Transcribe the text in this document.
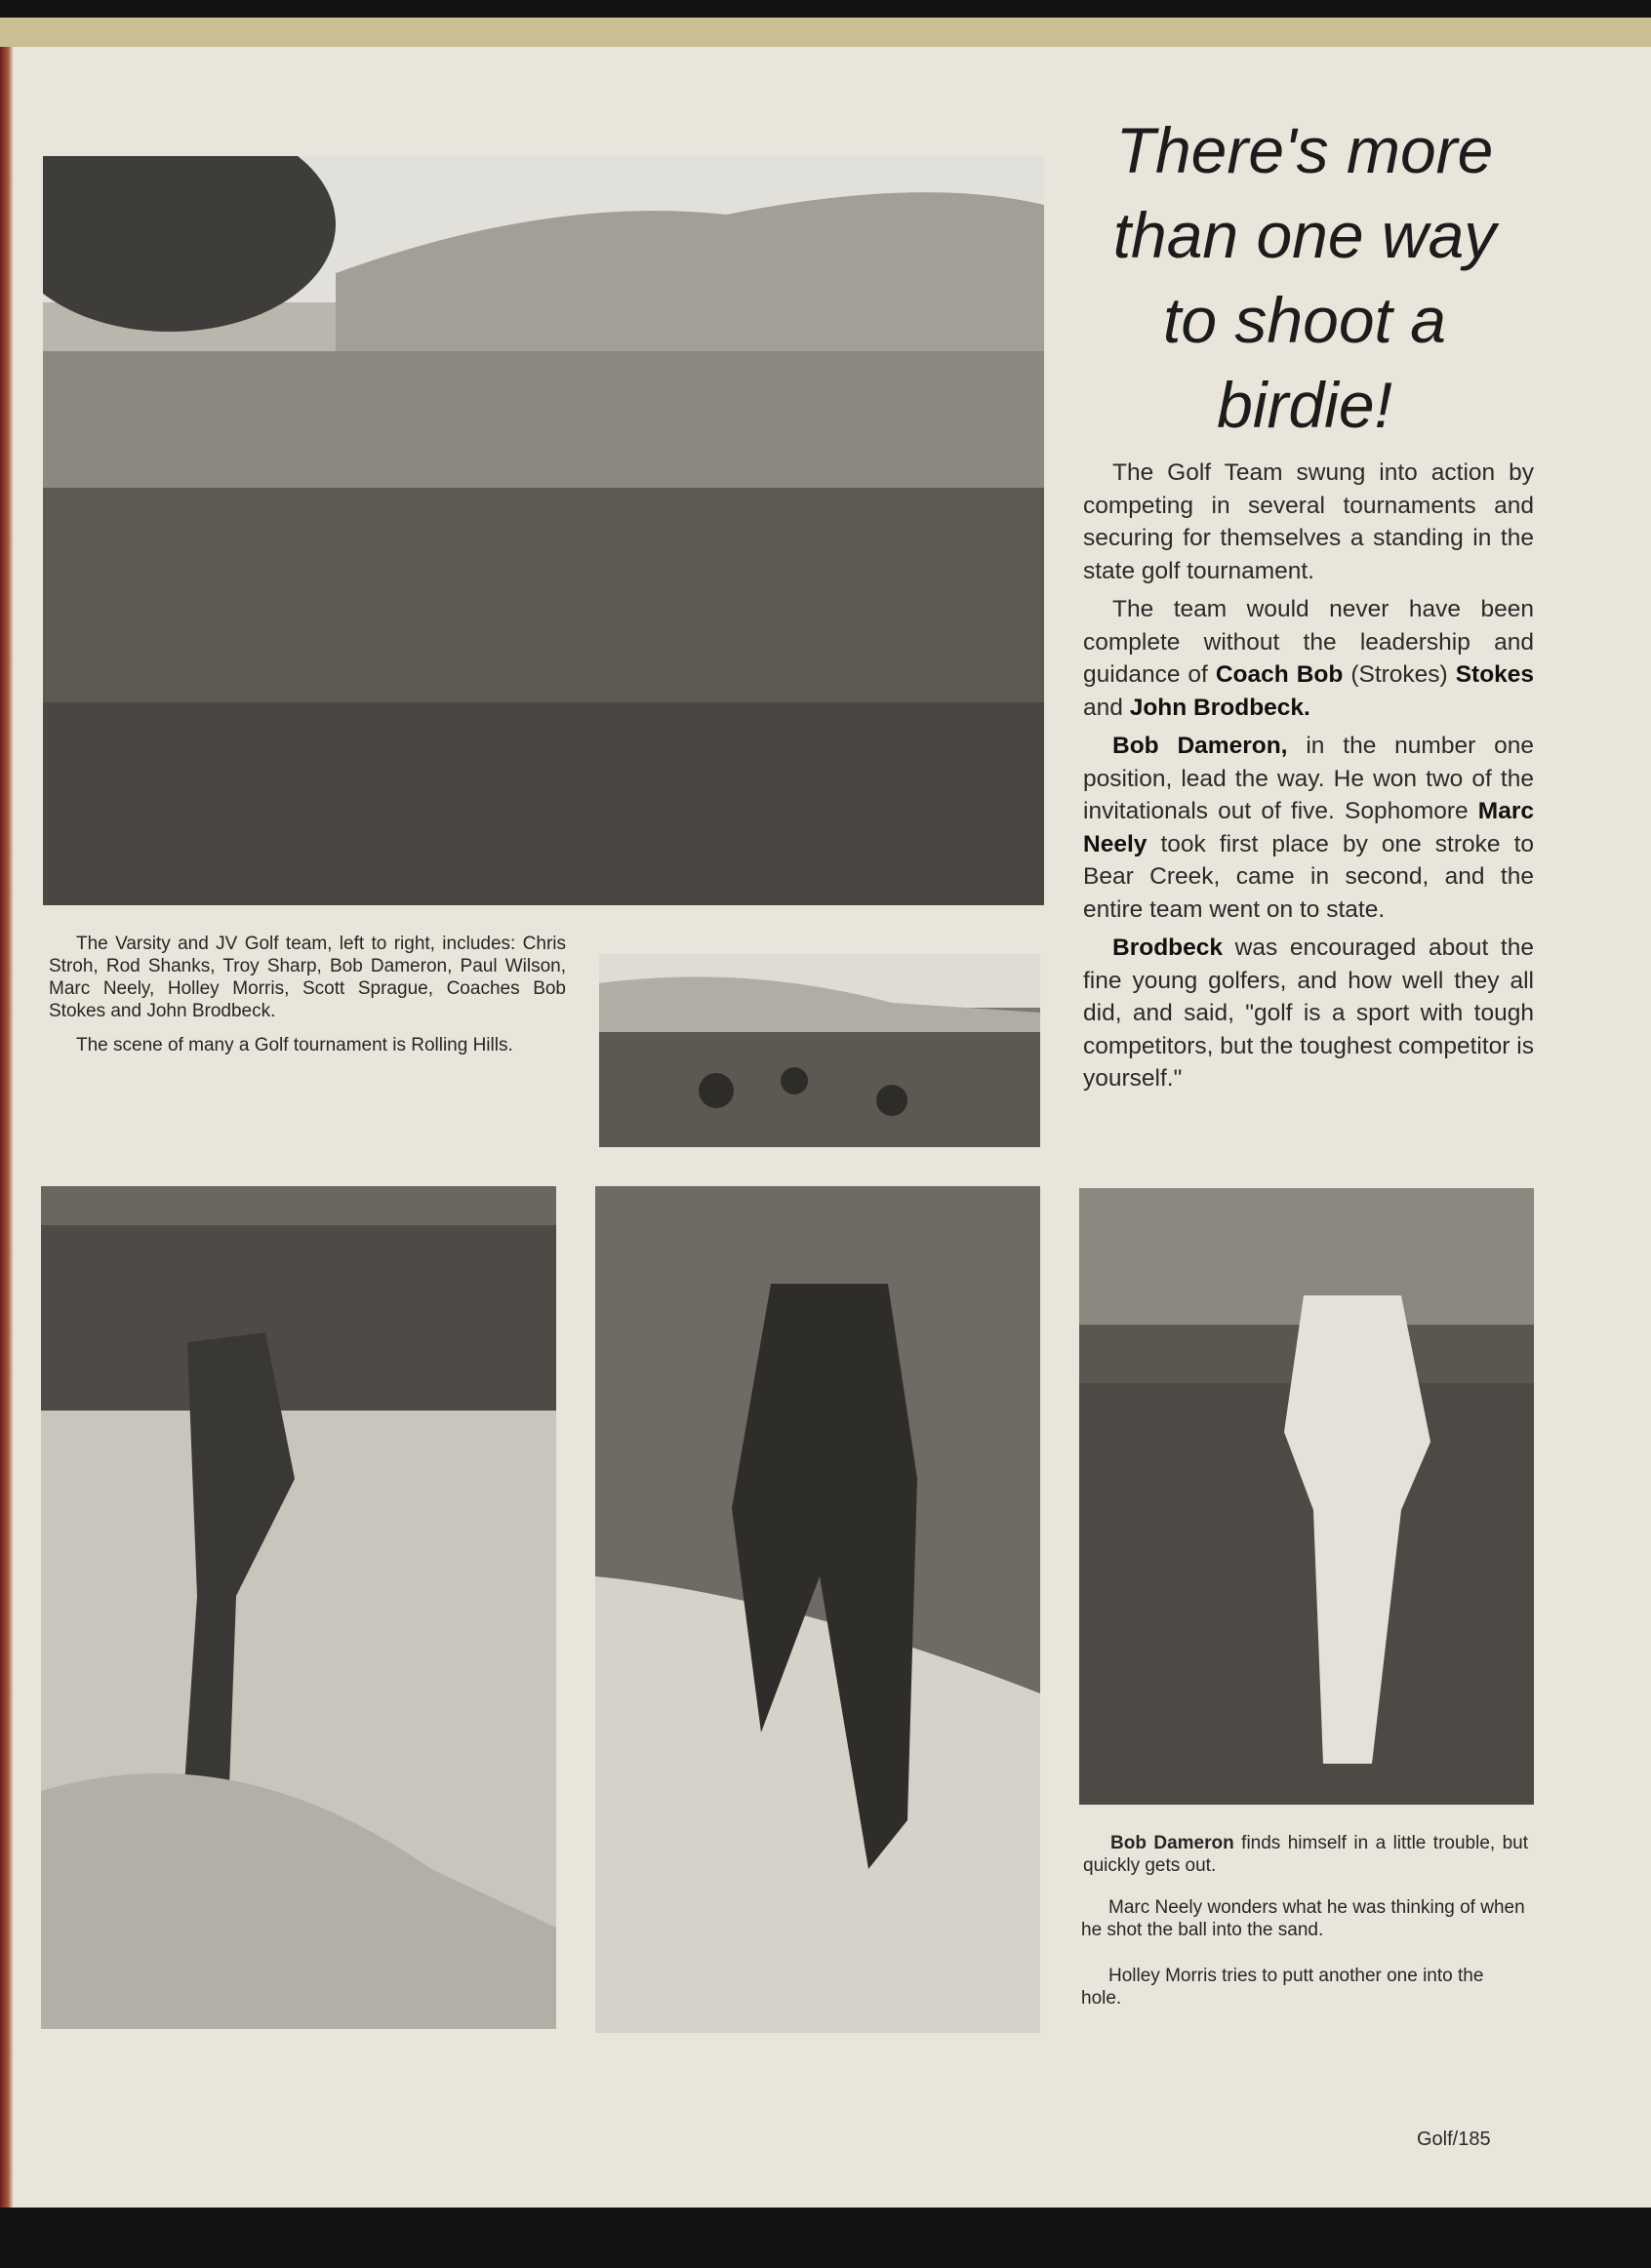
There's more
than one way
to shoot a
birdie!

The Golf Team swung into action by competing in several tournaments and securing for themselves a standing in the state golf tournament.

The team would never have been complete without the leadership and guidance of Coach Bob (Strokes) Stokes and John Brodbeck.

Bob Dameron, in the number one position, lead the way. He won two of the invitationals out of five. Sophomore Marc Neely took first place by one stroke to Bear Creek, came in second, and the entire team went on to state.

Brodbeck was encouraged about the fine young golfers, and how well they all did, and said, "golf is a sport with tough competitors, but the toughest competitor is yourself."

The Varsity and JV Golf team, left to right, includes: Chris Stroh, Rod Shanks, Troy Sharp, Bob Dameron, Paul Wilson, Marc Neely, Holley Morris, Scott Sprague, Coaches Bob Stokes and John Brodbeck.

The scene of many a Golf tournament is Rolling Hills.

Bob Dameron finds himself in a little trouble, but quickly gets out.

Marc Neely wonders what he was thinking of when he shot the ball into the sand.

Holley Morris tries to putt another one into the hole.

Golf/185
